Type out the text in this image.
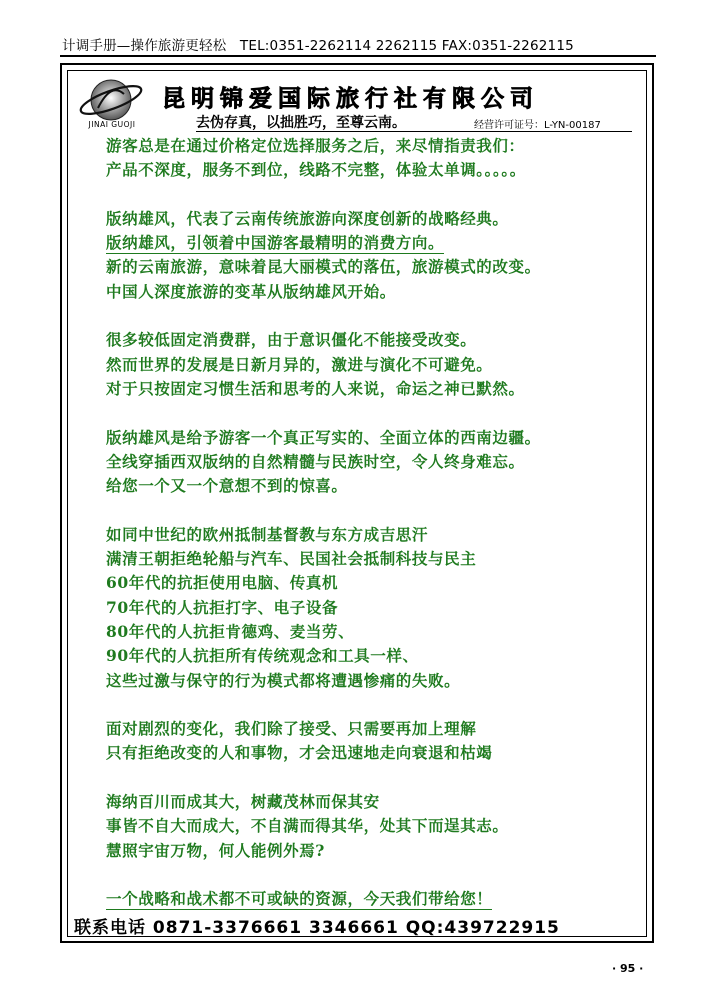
计调手册—操作旅游更轻松 TEL:0351-2262114 2262115 FAX:0351-2262115
JINAI GUOJI
昆明锦爱国际旅行社有限公司
去伪存真，以拙胜巧，至尊云南。	经营许可证号：L-YN-00187
游客总是在通过价格定位选择服务之后，来尽情指责我们：
产品不深度，服务不到位，线路不完整，体验太单调。。。。。
版纳雄风，代表了云南传统旅游向深度创新的战略经典。
版纳雄风，引领着中国游客最精明的消费方向。
新的云南旅游，意味着昆大丽模式的落伍，旅游模式的改变。
中国人深度旅游的变革从版纳雄风开始。
很多较低固定消费群，由于意识僵化不能接受改变。
然而世界的发展是日新月异的，激进与演化不可避免。
对于只按固定习惯生活和思考的人来说，命运之神已默然。
版纳雄风是给予游客一个真正写实的、全面立体的西南边疆。
全线穿插西双版纳的自然精髓与民族时空，令人终身难忘。
给您一个又一个意想不到的惊喜。
如同中世纪的欧州抵制基督教与东方成吉思汗
满清王朝拒绝轮船与汽车、民国社会抵制科技与民主
60年代的抗拒使用电脑、传真机
70年代的人抗拒打字、电子设备
80年代的人抗拒肯德鸡、麦当劳、
90年代的人抗拒所有传统观念和工具一样、
这些过激与保守的行为模式都将遭遇惨痛的失败。
面对剧烈的变化，我们除了接受、只需要再加上理解
只有拒绝改变的人和事物，才会迅速地走向衰退和枯竭
海纳百川而成其大，树藏茂林而保其安
事皆不自大而成大，不自满而得其华，处其下而逞其志。
慧照宇宙万物，何人能例外焉?
一个战略和战术都不可或缺的资源，今天我们带给您！
联系电话 0871-3376661 3346661 QQ:439722915
· 95 ·
